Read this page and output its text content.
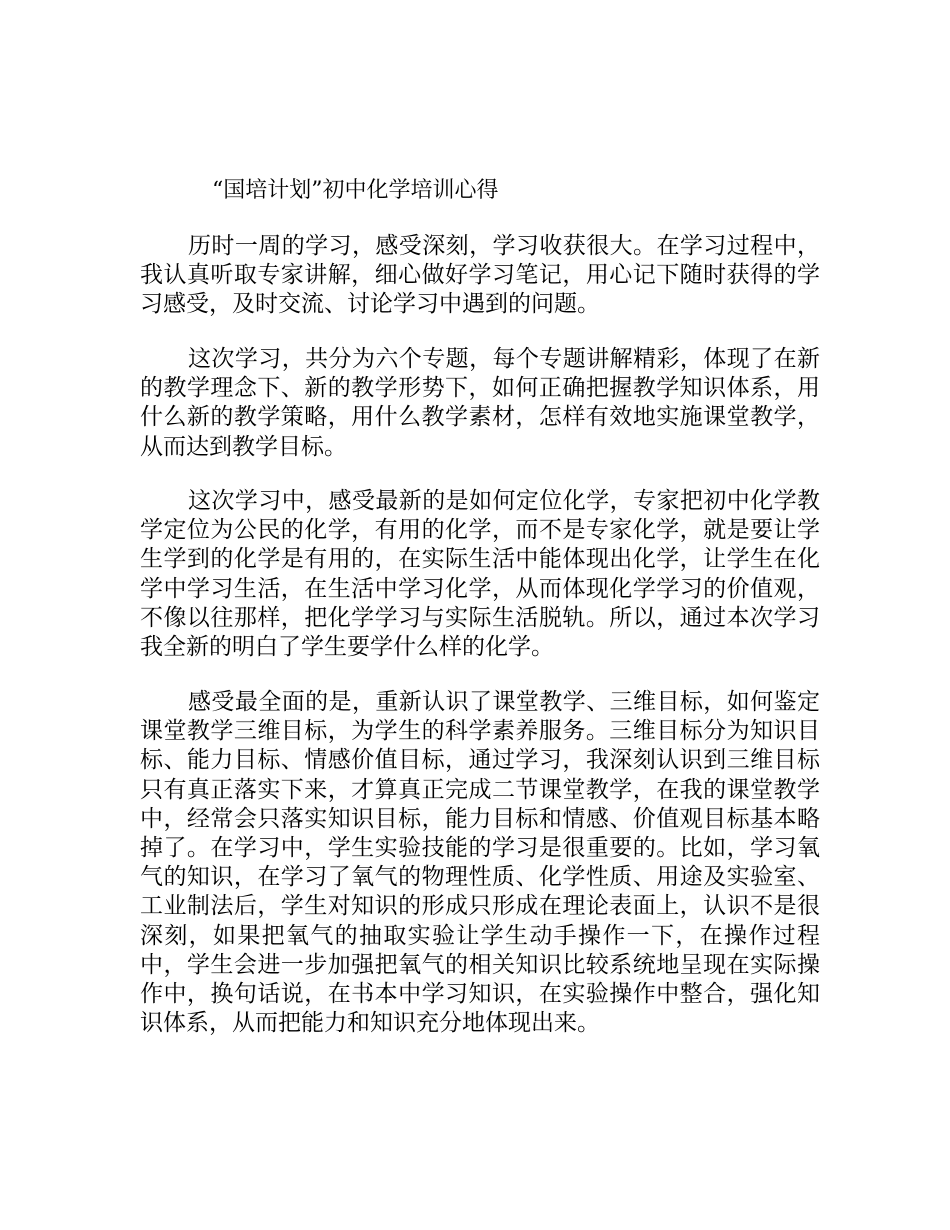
“国培计划”初中化学培训心得

历时一周的学习，感受深刻，学习收获很大。在学习过程中，我认真听取专家讲解，细心做好学习笔记，用心记下随时获得的学习感受，及时交流、讨论学习中遇到的问题。

这次学习，共分为六个专题，每个专题讲解精彩，体现了在新的教学理念下、新的教学形势下，如何正确把握教学知识体系，用什么新的教学策略，用什么教学素材，怎样有效地实施课堂教学，从而达到教学目标。

这次学习中，感受最新的是如何定位化学，专家把初中化学教学定位为公民的化学，有用的化学，而不是专家化学，就是要让学生学到的化学是有用的，在实际生活中能体现出化学，让学生在化学中学习生活，在生活中学习化学，从而体现化学学习的价值观，不像以往那样，把化学学习与实际生活脱轨。所以，通过本次学习我全新的明白了学生要学什么样的化学。

感受最全面的是，重新认识了课堂教学、三维目标，如何鉴定课堂教学三维目标，为学生的科学素养服务。三维目标分为知识目标、能力目标、情感价值目标，通过学习，我深刻认识到三维目标只有真正落实下来，才算真正完成二节课堂教学，在我的课堂教学中，经常会只落实知识目标，能力目标和情感、价值观目标基本略掉了。在学习中，学生实验技能的学习是很重要的。比如，学习氧气的知识，在学习了氧气的物理性质、化学性质、用途及实验室、工业制法后，学生对知识的形成只形成在理论表面上，认识不是很深刻，如果把氧气的抽取实验让学生动手操作一下，在操作过程中，学生会进一步加强把氧气的相关知识比较系统地呈现在实际操作中，换句话说，在书本中学习知识，在实验操作中整合，强化知识体系，从而把能力和知识充分地体现出来。
